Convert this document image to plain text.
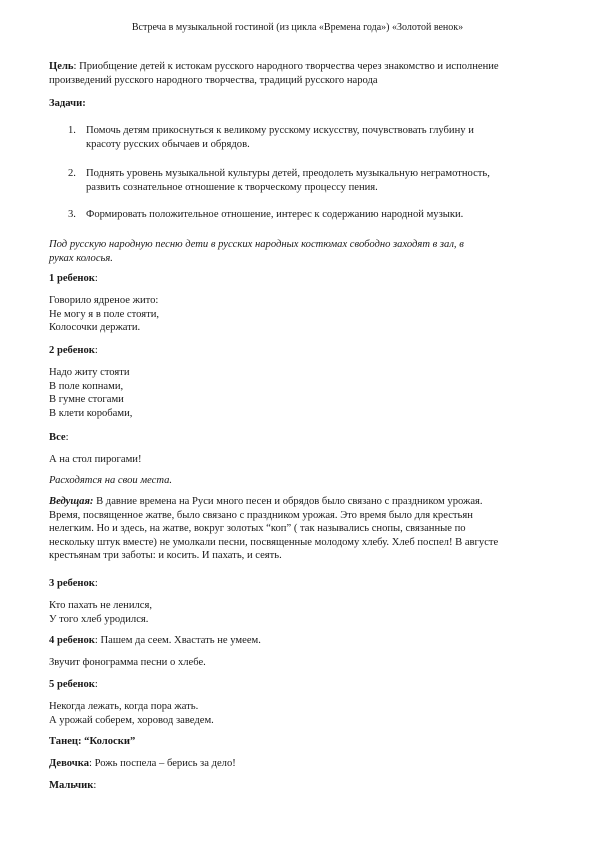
Встреча в музыкальной гостиной (из цикла «Времена года») «Золотой венок»
Цель: Приобщение детей к истокам русского народного творчества через знакомство и исполнение произведений русского народного творчества, традиций русского народа
Задачи:
1. Помочь детям прикоснуться к великому русскому искусству, почувствовать глубину и
красоту русских обычаев и обрядов.
2. Поднять уровень музыкальной культуры детей, преодолеть музыкальную неграмотность,
развить сознательное отношение к творческому процессу пения.
3. Формировать положительное отношение, интерес к содержанию народной музыки.
Под русскую народную песню дети в русских народных костюмах свободно заходят в зал, в
руках колосья.
1 ребенок:
Говорило ядреное жито:
Не могу я в поле стояти,
Колосочки держати.
2 ребенок:
Надо житу стояти
В поле копнами,
В гумне стогами
В клети коробами,
Все:
А на стол пирогами!
Расходятся на свои места.
Ведущая: В давние времена на Руси много песен и обрядов было связано с праздником урожая.
Время, посвященное жатве, было связано с праздником урожая. Это время было для крестьян
нелегким. Но и здесь, на жатве, вокруг золотых “коп” ( так назывались снопы, связанные по
нескольку штук вместе) не умолкали песни, посвященные молодому хлебу. Хлеб поспел! В августе
крестьянам три заботы: и косить. И пахать, и сеять.
3 ребенок:
Кто пахать не ленился,
У того хлеб уродился.
4 ребенок: Пашем да сеем. Хвастать не умеем.
Звучит фонограмма песни о хлебе.
5 ребенок:
Некогда лежать, когда пора жать.
А урожай соберем, хоровод заведем.
Танец: “Колоски”
Девочка: Рожь поспела – берись за дело!
Мальчик:
